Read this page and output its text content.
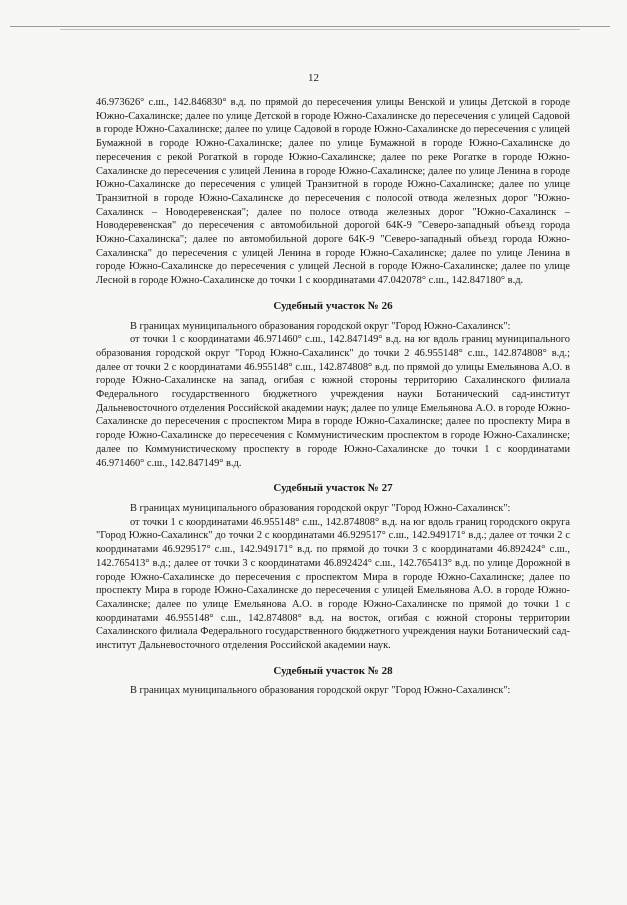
12

46.973626° с.ш., 142.846830° в.д. по прямой до пересечения улицы Венской и улицы Детской в городе Южно-Сахалинске; далее по улице Детской в городе Южно-Сахалинске до пересечения с улицей Садовой в городе Южно-Сахалинске; далее по улице Садовой в городе Южно-Сахалинске до пересечения с улицей Бумажной в городе Южно-Сахалинске; далее по улице Бумажной в городе Южно-Сахалинске до пересечения с рекой Рогаткой в городе Южно-Сахалинске; далее по реке Рогатке в городе Южно-Сахалинске до пересечения с улицей Ленина в городе Южно-Сахалинске; далее по улице Ленина в городе Южно-Сахалинске до пересечения с улицей Транзитной в городе Южно-Сахалинске; далее по улице Транзитной в городе Южно-Сахалинске до пересечения с полосой отвода железных дорог "Южно-Сахалинск – Новодеревенская"; далее по полосе отвода железных дорог "Южно-Сахалинск – Новодеревенская" до пересечения с автомобильной дорогой 64К-9 "Северо-западный объезд города Южно-Сахалинска"; далее по автомобильной дороге 64К-9 "Северо-западный объезд города Южно-Сахалинска" до пересечения с улицей Ленина в городе Южно-Сахалинске; далее по улице Ленина в городе Южно-Сахалинске до пересечения с улицей Лесной в городе Южно-Сахалинске; далее по улице Лесной в городе Южно-Сахалинске до точки 1 с координатами 47.042078° с.ш., 142.847180° в.д.

Судебный участок № 26

В границах муниципального образования городской округ "Город Южно-Сахалинск":

от точки 1 с координатами 46.971460° с.ш., 142.847149° в.д. на юг вдоль границ муниципального образования городской округ "Город Южно-Сахалинск" до точки 2 46.955148° с.ш., 142.874808° в.д.; далее от точки 2 с координатами 46.955148° с.ш., 142.874808° в.д. по прямой до улицы Емельянова А.О. в городе Южно-Сахалинске на запад, огибая с южной стороны территорию Сахалинского филиала Федерального государственного бюджетного учреждения науки Ботанический сад-институт Дальневосточного отделения Российской академии наук; далее по улице Емельянова А.О. в городе Южно-Сахалинске до пересечения с проспектом Мира в городе Южно-Сахалинске; далее по проспекту Мира в городе Южно-Сахалинске до пересечения с Коммунистическим проспектом в городе Южно-Сахалинске; далее по Коммунистическому проспекту в городе Южно-Сахалинске до точки 1 с координатами 46.971460° с.ш., 142.847149° в.д.

Судебный участок № 27

В границах муниципального образования городской округ "Город Южно-Сахалинск":

от точки 1 с координатами 46.955148° с.ш., 142.874808° в.д. на юг вдоль границ городского округа "Город Южно-Сахалинск" до точки 2 с координатами 46.929517° с.ш., 142.949171° в.д.; далее от точки 2 с координатами 46.929517° с.ш., 142.949171° в.д. по прямой до точки 3 с координатами 46.892424° с.ш., 142.765413° в.д.; далее от точки 3 с координатами 46.892424° с.ш., 142.765413° в.д. по улице Дорожной в городе Южно-Сахалинске до пересечения с проспектом Мира в городе Южно-Сахалинске; далее по проспекту Мира в городе Южно-Сахалинске до пересечения с улицей Емельянова А.О. в городе Южно-Сахалинске; далее по улице Емельянова А.О. в городе Южно-Сахалинске по прямой до точки 1 с координатами 46.955148° с.ш., 142.874808° в.д. на восток, огибая с южной стороны территории Сахалинского филиала Федерального государственного бюджетного учреждения науки Ботанический сад-институт Дальневосточного отделения Российской академии наук.

Судебный участок № 28

В границах муниципального образования городской округ "Город Южно-Сахалинск":
